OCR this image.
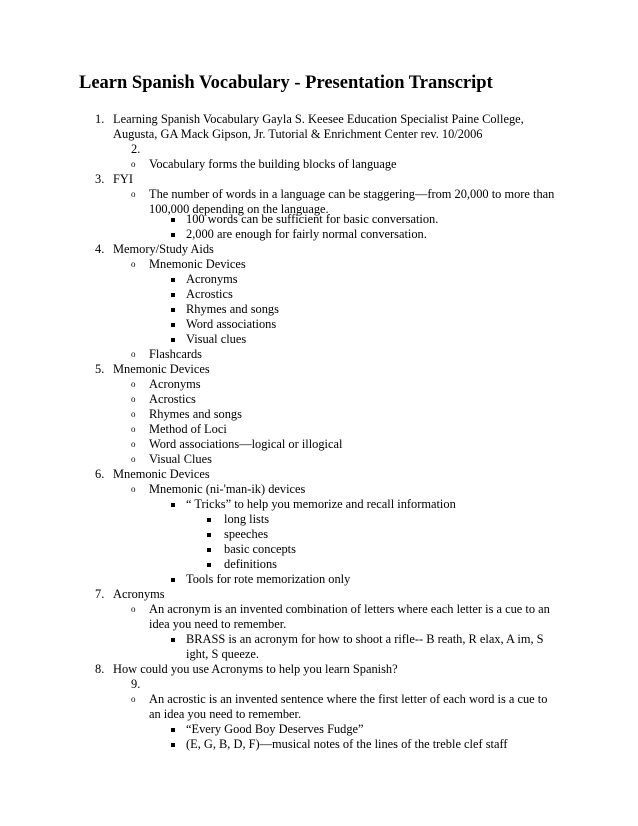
Learn Spanish Vocabulary - Presentation Transcript
1. Learning Spanish Vocabulary Gayla S. Keesee Education Specialist Paine College,
Augusta, GA Mack Gipson, Jr. Tutorial & Enrichment Center rev. 10/2006
2.
o Vocabulary forms the building blocks of language
3. FYI
o The number of words in a language can be staggering—from 20,000 to more than
100,000 depending on the language.
100 words can be sufficient for basic conversation.
2,000 are enough for fairly normal conversation.
4. Memory/Study Aids
o Mnemonic Devices
Acronyms
Acrostics
Rhymes and songs
Word associations
Visual clues
o Flashcards
5. Mnemonic Devices
o Acronyms
o Acrostics
o Rhymes and songs
o Method of Loci
o Word associations—logical or illogical
o Visual Clues
6. Mnemonic Devices
o Mnemonic (ni-'man-ik) devices
“ Tricks” to help you memorize and recall information
long lists
speeches
basic concepts
definitions
Tools for rote memorization only
7. Acronyms
o An acronym is an invented combination of letters where each letter is a cue to an
idea you need to remember.
BRASS is an acronym for how to shoot a rifle-- B reath, R elax, A im, S
ight, S queeze.
8. How could you use Acronyms to help you learn Spanish?
9.
o An acrostic is an invented sentence where the first letter of each word is a cue to
an idea you need to remember.
“Every Good Boy Deserves Fudge”
(E, G, B, D, F)—musical notes of the lines of the treble clef staff
